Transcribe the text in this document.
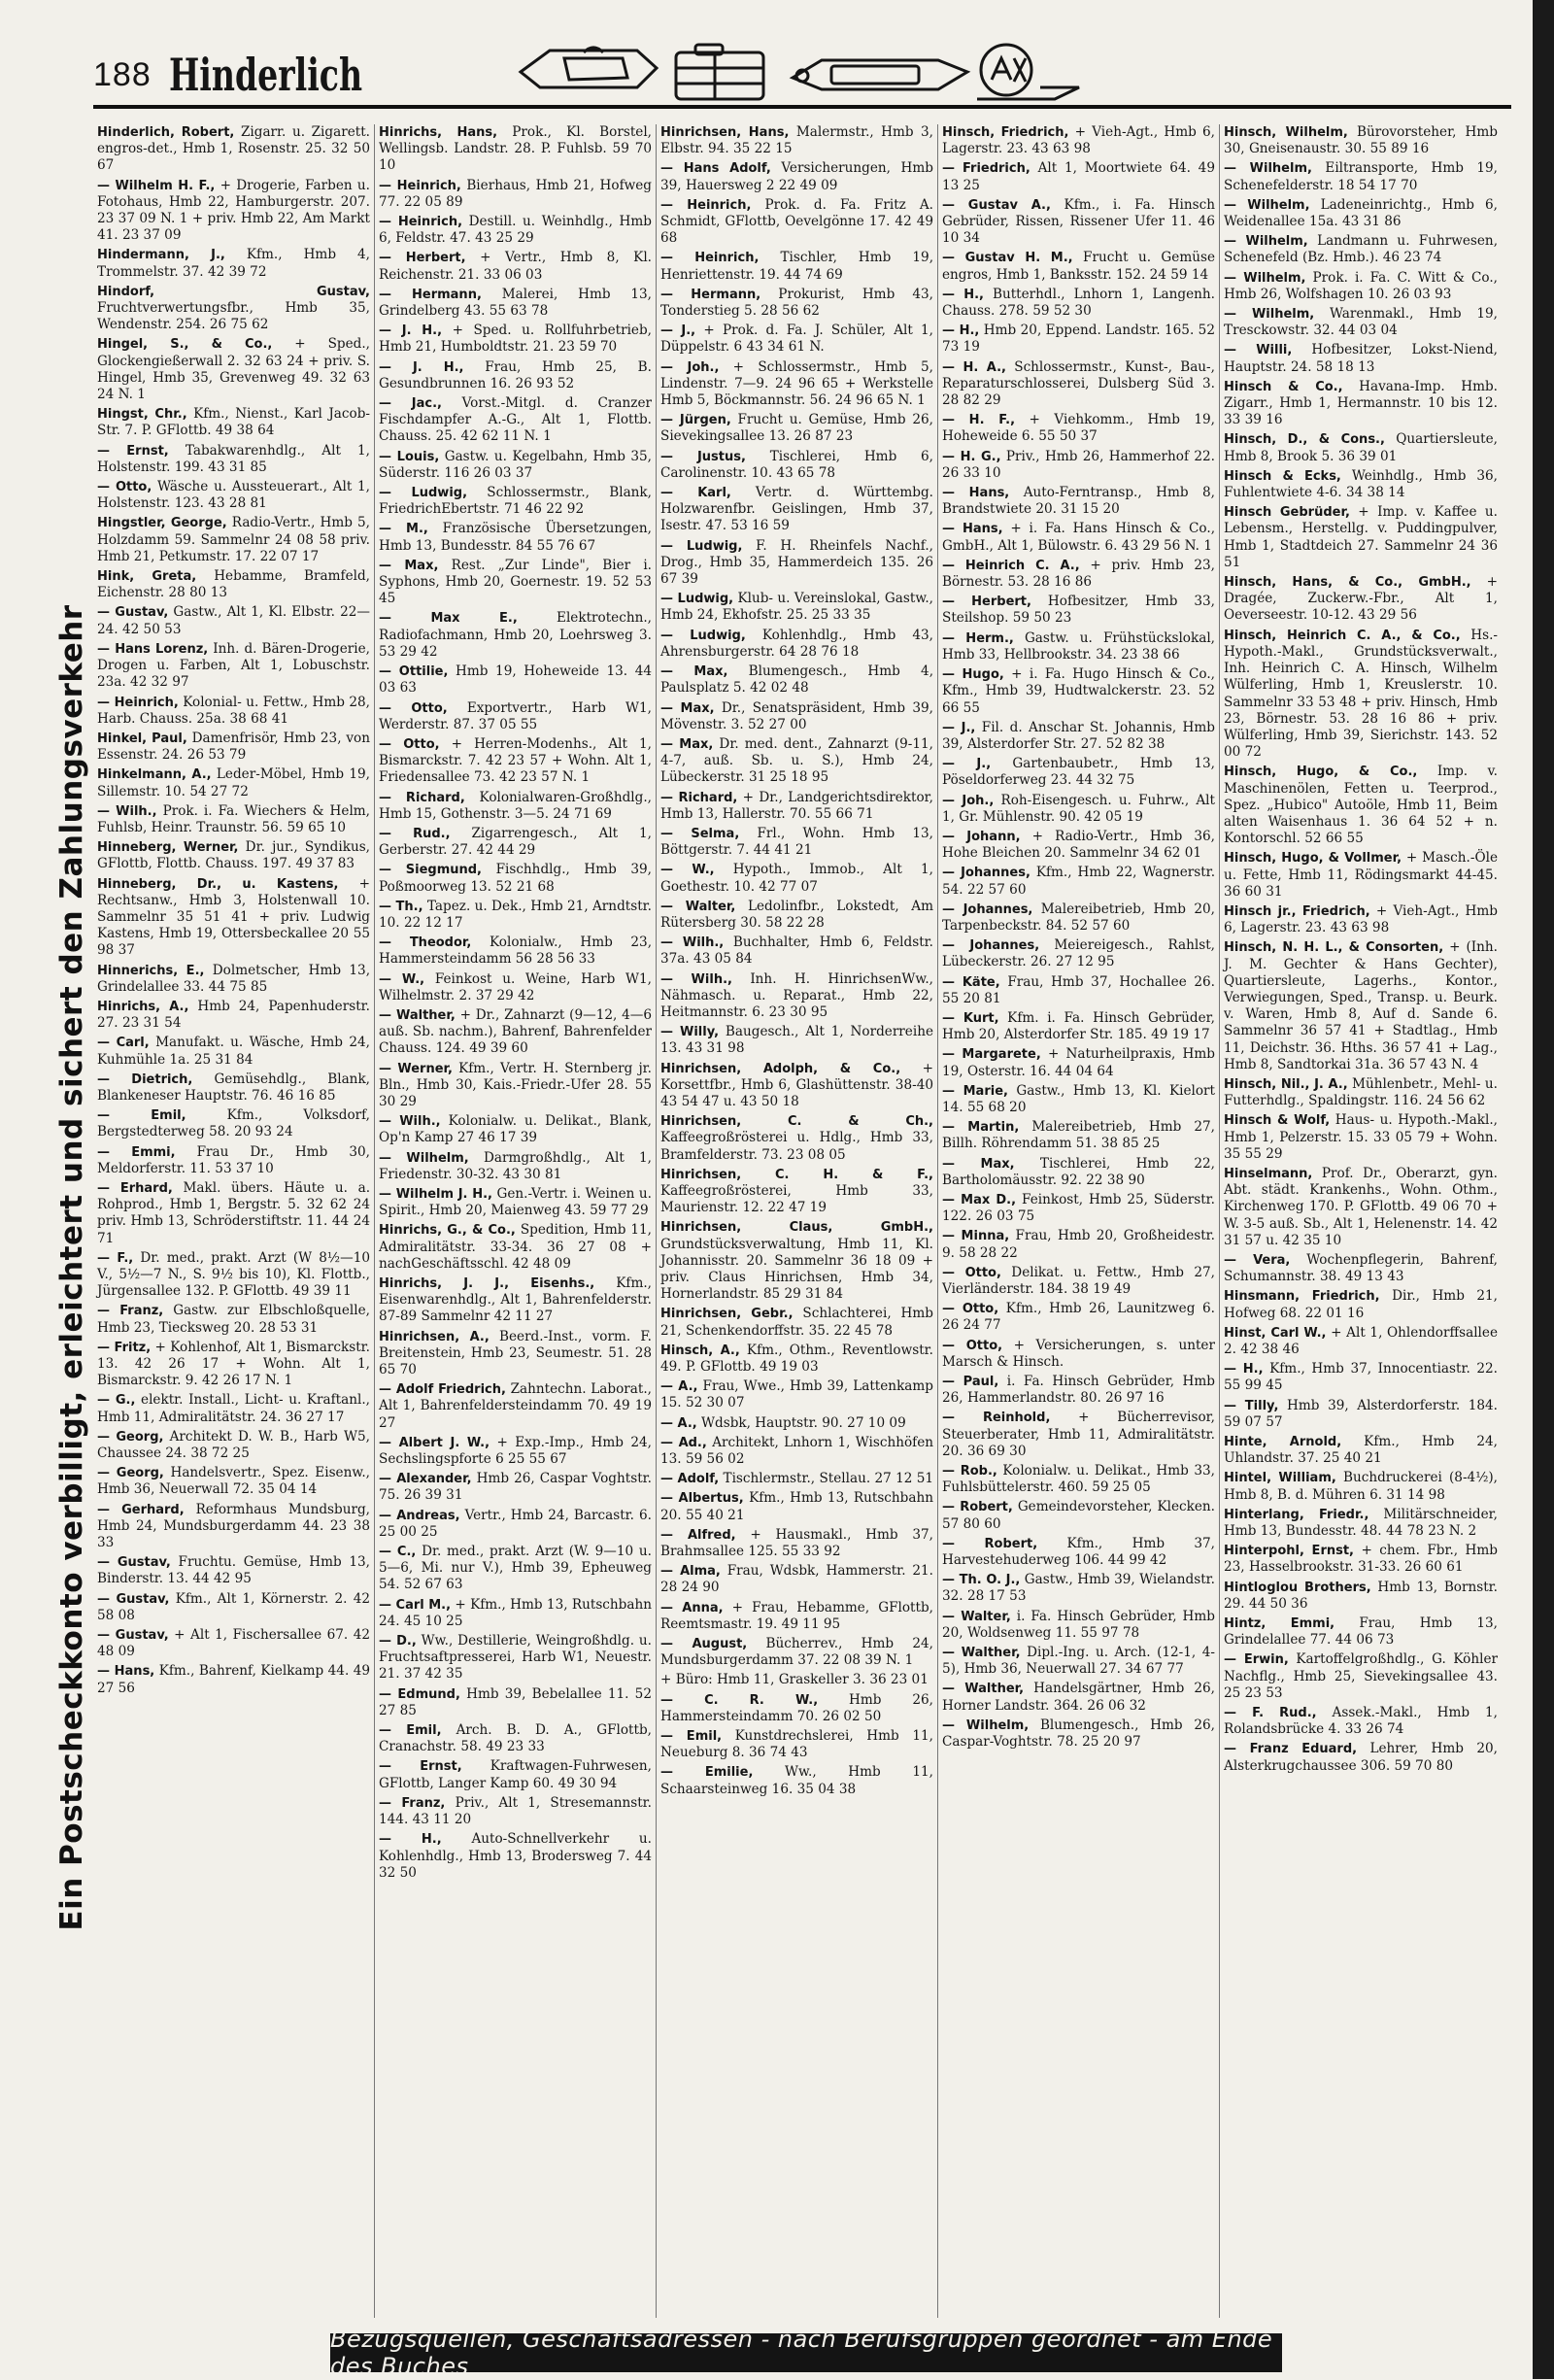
188 Hinderlich
Ein Postscheckkonto verbilligt, erleichtert und sichert den Zahlungsverkehr
Hinderlich, Robert, Zigarr. u. Zigarett. engros-det., Hmb 1, Rosenstr. 25. 32 50 67
— Wilhelm H. F., + Drogerie, Farben u. Fotohaus, Hmb 22, Hamburgerstr. 207. 23 37 09 N. 1 + priv. Hmb 22, Am Markt 41. 23 37 09
Hindermann, J., Kfm., Hmb 4, Trommelstr. 37. 42 39 72
Hindorf, Gustav, Fruchtverwertungsfbr., Hmb 35, Wendenstr. 254. 26 75 62
Hingel, S., & Co., + Sped., Glockengießerwall 2. 32 63 24 + priv. S. Hingel, Hmb 35, Grevenweg 49. 32 63 24 N. 1
Hingst, Chr., Kfm., Nienst., Karl Jacob-Str. 7. P. GFlottb. 49 38 64
— Ernst, Tabakwarenhdlg., Alt 1, Holstenstr. 199. 43 31 85
— Otto, Wäsche u. Aussteuerart., Alt 1, Holstenstr. 123. 43 28 81
Hingstler, George, Radio-Vertr., Hmb 5, Holzdamm 59. Sammelnr 24 08 58 priv. Hmb 21, Petkumstr. 17. 22 07 17
Hink, Greta, Hebamme, Bramfeld, Eichenstr. 28 80 13
— Gustav, Gastw., Alt 1, Kl. Elbstr. 22—24. 42 50 53
— Hans Lorenz, Inh. d. Bären-Drogerie, Drogen u. Farben, Alt 1, Lobuschstr. 23a. 42 32 97
— Heinrich, Kolonial- u. Fettw., Hmb 28, Harb. Chauss. 25a. 38 68 41
Hinkel, Paul, Damenfrisör, Hmb 23, von Essenstr. 24. 26 53 79
Hinkelmann, A., Leder-Möbel, Hmb 19, Sillemstr. 10. 54 27 72
— Wilh., Prok. i. Fa. Wiechers & Helm, Fuhlsb, Heinr. Traunstr. 56. 59 65 10
Hinneberg, Werner, Dr. jur., Syndikus, GFlottb, Flottb. Chauss. 197. 49 37 83
Hinneberg, Dr., u. Kastens, + Rechtsanw., Hmb 3, Holstenwall 10. Sammelnr 35 51 41 + priv. Ludwig Kastens, Hmb 19, Ottersbeckallee 20 55 98 37
Hinnerichs, E., Dolmetscher, Hmb 13, Grindelallee 33. 44 75 85
Hinrichs, A., Hmb 24, Papenhuderstr. 27. 23 31 54
— Carl, Manufakt. u. Wäsche, Hmb 24, Kuhmühle 1a. 25 31 84
— Dietrich, Gemüsehdlg., Blank, Blankeneser Hauptstr. 76. 46 16 85
— Emil,	Kfm., Volksdorf, Bergstedterweg 58. 20 93 24
— Emmi, Frau Dr., Hmb 30, Meldorferstr. 11. 53 37 10
— Erhard, Makl. übers. Häute u. a. Rohprod., Hmb 1, Bergstr. 5. 32 62 24 priv. Hmb 13, Schröderstiftstr. 11. 44 24 71
— F., Dr. med., prakt. Arzt (W 8½—10 V., 5½—7 N., S. 9½ bis 10), Kl. Flottb., Jürgensallee 132. P. GFlottb. 49 39 11
— Franz, Gastw. zur Elbschloßquelle, Hmb 23, Tiecksweg 20. 28 53 31
— Fritz, + Kohlenhof, Alt 1, Bismarckstr. 13. 42 26 17 + Wohn. Alt 1, Bismarckstr. 9. 42 26 17 N. 1
— G., elektr. Install., Licht- u. Kraftanl., Hmb 11, Admiralitätstr. 24. 36 27 17
— Georg, Architekt D. W. B., Harb W5, Chaussee 24. 38 72 25
— Georg, Handelsvertr., Spez. Eisenw., Hmb 36, Neuerwall 72. 35 04 14
— Gerhard, Reformhaus Mundsburg, Hmb 24, Mundsburgerdamm 44. 23 38 33
— Gustav, Fruchtu. Gemüse, Hmb 13, Binderstr. 13. 44 42 95
— Gustav, Kfm., Alt 1, Körnerstr. 2. 42 58 08
— Gustav, + Alt 1, Fischersallee 67. 42 48 09
— Hans, Kfm., Bahrenf, Kielkamp 44. 49 27 56
Hinrichs, Hans, Prok., Kl. Borstel, Wellingsb. Landstr. 28. P. Fuhlsb. 59 70 10
— Heinrich, Bierhaus, Hmb 21, Hofweg 77. 22 05 89
— Heinrich, Destill. u. Weinhdlg., Hmb 6, Feldstr. 47. 43 25 29
— Herbert, + Vertr., Hmb 8, Kl. Reichenstr. 21. 33 06 03
— Hermann, Malerei, Hmb 13, Grindelberg 43. 55 63 78
— J. H., + Sped. u. Rollfuhrbetrieb, Hmb 21, Humboldtstr. 21. 23 59 70
— J. H., Frau, Hmb 25, B. Gesundbrunnen 16. 26 93 52
— Jac., Vorst.-Mitgl. d. Cranzer Fischdampfer A.-G., Alt 1, Flottb. Chauss. 25. 42 62 11 N. 1
— Louis, Gastw. u. Kegelbahn, Hmb 35, Süderstr. 116 26 03 37
— Ludwig, Schlossermstr., Blank, FriedrichEbertstr. 71 46 22 92
— M., Französische Übersetzungen, Hmb 13, Bundesstr. 84 55 76 67
— Max, Rest. „Zur Linde", Bier i. Syphons, Hmb 20, Goernestr. 19. 52 53 45
— Max E.,	Elektrotechn., Radiofachmann, Hmb 20, Loehrsweg 3. 53 29 42
— Ottilie, Hmb 19, Hoheweide 13. 44 03 63
— Otto, Exportvertr., Harb W1, Werderstr. 87. 37 05 55
— Otto, + Herren-Modenhs., Alt 1, Bismarckstr. 7. 42 23 57 + Wohn. Alt 1, Friedensallee 73. 42 23 57 N. 1
— Richard, Kolonialwaren-Großhdlg., Hmb 15, Gothenstr. 3—5. 24 71 69
— Rud., Zigarrengesch., Alt 1, Gerberstr. 27. 42 44 29
— Siegmund, Fischhdlg., Hmb 39, Poßmoorweg 13. 52 21 68
— Th., Tapez. u. Dek., Hmb 21, Arndtstr. 10. 22 12 17
— Theodor, Kolonialw., Hmb 23, Hammersteindamm 56 28 56 33
— W., Feinkost u. Weine, Harb W1, Wilhelmstr. 2. 37 29 42
— Walther, + Dr., Zahnarzt (9—12, 4—6 auß. Sb. nachm.), Bahrenf, Bahrenfelder Chauss. 124. 49 39 60
— Werner, Kfm., Vertr. H. Sternberg jr. Bln., Hmb 30, Kais.-Friedr.-Ufer 28. 55 30 29
— Wilh., Kolonialw. u. Delikat., Blank, Op'n Kamp 27 46 17 39
— Wilhelm, Darmgroßhdlg., Alt 1, Friedenstr. 30-32. 43 30 81
— Wilhelm J. H., Gen.-Vertr. i. Weinen u. Spirit., Hmb 20, Maienweg 43. 59 77 29
Hinrichs, G., & Co., Spedition, Hmb 11, Admiralitätstr. 33-34. 36 27 08 + nachGeschäftsschl. 42 48 09
Hinrichs, J. J., Eisenhs., Kfm., Eisenwarenhdlg., Alt 1, Bahrenfelderstr. 87-89 Sammelnr 42 11 27
Hinrichsen, A., Beerd.-Inst., vorm. F. Breitenstein, Hmb 23, Seumestr. 51. 28 65 70
— Adolf Friedrich, Zahntechn. Laborat., Alt 1, Bahrenfeldersteindamm 70. 49 19 27
— Albert J. W., + Exp.-Imp., Hmb 24, Sechslingspforte 6 25 55 67
— Alexander, Hmb 26, Caspar Voghtstr. 75. 26 39 31
— Andreas, Vertr., Hmb 24, Barcastr. 6. 25 00 25
— C., Dr. med., prakt. Arzt (W. 9—10 u. 5—6, Mi. nur V.), Hmb 39, Epheuweg 54. 52 67 63
— Carl M., + Kfm., Hmb 13, Rutschbahn 24. 45 10 25
— D., Ww., Destillerie, Weingroßhdlg. u. Fruchtsaftpresserei, Harb W1, Neuestr. 21. 37 42 35
— Edmund, Hmb 39, Bebelallee 11. 52 27 85
— Emil, Arch. B. D. A., GFlottb, Cranachstr. 58. 49 23 33
— Ernst, Kraftwagen-Fuhrwesen, GFlottb, Langer Kamp 60. 49 30 94
— Franz, Priv., Alt 1, Stresemannstr. 144. 43 11 20
— H., Auto-Schnellverkehr u. Kohlenhdlg., Hmb 13, Brodersweg 7. 44 32 50
Hinrichsen, Hans, Malermstr., Hmb 3, Elbstr. 94. 35 22 15
— Hans Adolf, Versicherungen, Hmb 39, Hauersweg 2 22 49 09
— Heinrich, Prok. d. Fa. Fritz A. Schmidt, GFlottb, Oevelgönne 17. 42 49 68
— Heinrich, Tischler, Hmb 19, Henriettenstr. 19. 44 74 69
— Hermann, Prokurist, Hmb 43, Tonderstieg 5. 28 56 62
— J., + Prok. d. Fa. J. Schüler, Alt 1, Düppelstr. 6 43 34 61 N.
— Joh., + Schlossermstr., Hmb 5, Lindenstr. 7—9. 24 96 65 + Werkstelle Hmb 5, Böckmannstr. 56. 24 96 65 N. 1
— Jürgen, Frucht u. Gemüse, Hmb 26, Sievekingsallee 13. 26 87 23
— Justus, Tischlerei, Hmb 6, Carolinenstr. 10. 43 65 78
— Karl, Vertr. d. Württembg. Holzwarenfbr. Geislingen, Hmb 37, Isestr. 47. 53 16 59
— Ludwig, F. H. Rheinfels Nachf., Drog., Hmb 35, Hammerdeich 135. 26 67 39
— Ludwig, Klub- u. Vereinslokal, Gastw., Hmb 24, Ekhofstr. 25. 25 33 35
— Ludwig, Kohlenhdlg., Hmb 43, Ahrensburgerstr. 64 28 76 18
— Max, Blumengesch., Hmb 4, Paulsplatz 5. 42 02 48
— Max, Dr., Senatspräsident, Hmb 39, Mövenstr. 3. 52 27 00
— Max, Dr. med. dent., Zahnarzt (9-11, 4-7, auß. Sb. u. S.), Hmb 24, Lübeckerstr. 31 25 18 95
— Richard, + Dr., Landgerichtsdirektor, Hmb 13, Hallerstr. 70. 55 66 71
— Selma, Frl., Wohn. Hmb 13, Böttgerstr. 7. 44 41 21
— W., Hypoth., Immob., Alt 1, Goethestr. 10. 42 77 07
— Walter, Ledolinfbr., Lokstedt, Am Rütersberg 30. 58 22 28
— Wilh., Buchhalter, Hmb 6, Feldstr. 37a. 43 05 84
— Wilh., Inh. H. HinrichsenWw., Nähmasch. u. Reparat., Hmb 22, Heitmannstr. 6. 23 30 95
— Willy, Baugesch., Alt 1, Norderreihe 13. 43 31 98
Hinrichsen, Adolph, & Co., + Korsettfbr., Hmb 6, Glashüttenstr. 38-40 43 54 47 u. 43 50 18
Hinrichsen, C. & Ch., Kaffeegroßrösterei u. Hdlg., Hmb 33, Bramfelderstr. 73. 23 08 05
Hinrichsen, C. H. & F., Kaffeegroßrösterei, Hmb 33, Maurienstr. 12. 22 47 19
Hinrichsen, Claus, GmbH., Grundstücksverwaltung, Hmb 11, Kl. Johannisstr. 20. Sammelnr 36 18 09 + priv. Claus Hinrichsen, Hmb 34, Hornerlandstr. 85 29 31 84
Hinrichsen, Gebr., Schlachterei, Hmb 21, Schenkendorffstr. 35. 22 45 78
Hinsch, A., Kfm., Othm., Reventlowstr. 49. P. GFlottb. 49 19 03
— A., Frau, Wwe., Hmb 39, Lattenkamp 15. 52 30 07
— A., Wdsbk, Hauptstr. 90. 27 10 09
— Ad., Architekt, Lnhorn 1, Wischhöfen 13. 59 56 02
— Adolf, Tischlermstr., Stellau. 27 12 51
— Albertus, Kfm., Hmb 13, Rutschbahn 20. 55 40 21
— Alfred, + Hausmakl., Hmb 37, Brahmsallee 125. 55 33 92
— Alma, Frau, Wdsbk, Hammerstr. 21. 28 24 90
— Anna, + Frau, Hebamme, GFlottb, Reemtsmastr. 19. 49 11 95
— August, Bücherrev., Hmb 24, Mundsburgerdamm 37. 22 08 39 N. 1
+ Büro: Hmb 11, Graskeller 3. 36 23 01
— C. R. W., Hmb 26, Hammersteindamm 70. 26 02 50
— Emil, Kunstdrechslerei, Hmb 11, Neueburg 8. 36 74 43
— Emilie, Ww., Hmb 11, Schaarsteinweg 16. 35 04 38
Hinsch, Friedrich, + Vieh-Agt., Hmb 6, Lagerstr. 23. 43 63 98
— Friedrich, Alt 1, Moortwiete 64. 49 13 25
— Gustav A., Kfm., i. Fa. Hinsch Gebrüder, Rissen, Rissener Ufer 11. 46 10 34
— Gustav H. M., Frucht u. Gemüse engros, Hmb 1, Banksstr. 152. 24 59 14
— H., Butterhdl., Lnhorn 1, Langenh. Chauss. 278. 59 52 30
— H., Hmb 20, Eppend. Landstr. 165. 52 73 19
— H. A., Schlossermstr., Kunst-, Bau-, Reparaturschlosserei, Dulsberg Süd 3. 28 82 29
— H. F., + Viehkomm., Hmb 19, Hoheweide 6. 55 50 37
— H. G., Priv., Hmb 26, Hammerhof 22. 26 33 10
— Hans, Auto-Ferntransp., Hmb 8, Brandstwiete 20. 31 15 20
— Hans, + i. Fa. Hans Hinsch & Co., GmbH., Alt 1, Bülowstr. 6. 43 29 56 N. 1
— Heinrich C. A., + priv. Hmb 23, Börnestr. 53. 28 16 86
— Herbert, Hofbesitzer, Hmb 33, Steilshop. 59 50 23
— Herm., Gastw. u. Frühstückslokal, Hmb 33, Hellbrookstr. 34. 23 38 66
— Hugo, + i. Fa. Hugo Hinsch & Co., Kfm., Hmb 39, Hudtwalckerstr. 23. 52 66 55
— J., Fil. d. Anschar St. Johannis, Hmb 39, Alsterdorfer Str. 27. 52 82 38
— J., Gartenbaubetr., Hmb 13, Pöseldorferweg 23. 44 32 75
— Joh., Roh-Eisengesch. u. Fuhrw., Alt 1, Gr. Mühlenstr. 90. 42 05 19
— Johann, + Radio-Vertr., Hmb 36, Hohe Bleichen 20. Sammelnr 34 62 01
— Johannes, Kfm., Hmb 22, Wagnerstr. 54. 22 57 60
— Johannes, Malereibetrieb, Hmb 20, Tarpenbeckstr. 84. 52 57 60
— Johannes, Meiereigesch., Rahlst, Lübeckerstr. 26. 27 12 95
— Käte, Frau, Hmb 37, Hochallee 26. 55 20 81
— Kurt, Kfm. i. Fa. Hinsch Gebrüder, Hmb 20, Alsterdorfer Str. 185. 49 19 17
— Margarete, + Naturheilpraxis, Hmb 19, Osterstr. 16. 44 04 64
— Marie, Gastw., Hmb 13, Kl. Kielort 14. 55 68 20
— Martin, Malereibetrieb, Hmb 27, Billh. Röhrendamm 51. 38 85 25
— Max, Tischlerei, Hmb 22, Bartholomäusstr. 92. 22 38 90
— Max D., Feinkost, Hmb 25, Süderstr. 122. 26 03 75
— Minna, Frau, Hmb 20, Großheidestr. 9. 58 28 22
— Otto, Delikat. u. Fettw., Hmb 27, Vierländerstr. 184. 38 19 49
— Otto, Kfm., Hmb 26, Launitzweg 6. 26 24 77
— Otto, + Versicherungen, s. unter Marsch & Hinsch.
— Paul, i. Fa. Hinsch Gebrüder, Hmb 26, Hammerlandstr. 80. 26 97 16
— Reinhold, + Bücherrevisor, Steuerberater, Hmb 11, Admiralitätstr. 20. 36 69 30
— Rob., Kolonialw. u. Delikat., Hmb 33, Fuhlsbüttelerstr. 460. 59 25 05
— Robert, Gemeindevorsteher, Klecken. 57 80 60
— Robert, Kfm., Hmb 37, Harvestehuderweg 106. 44 99 42
— Th. O. J., Gastw., Hmb 39, Wielandstr. 32. 28 17 53
— Walter, i. Fa. Hinsch Gebrüder, Hmb 20, Woldsenweg 11. 55 97 78
— Walther, Dipl.-Ing. u. Arch. (12-1, 4-5), Hmb 36, Neuerwall 27. 34 67 77
— Walther, Handelsgärtner, Hmb 26, Horner Landstr. 364. 26 06 32
— Wilhelm, Blumengesch., Hmb 26, Caspar-Voghtstr. 78. 25 20 97
Hinsch, Wilhelm, Bürovorsteher, Hmb 30, Gneisenaustr. 30. 55 89 16
— Wilhelm, Eiltransporte, Hmb 19, Schenefelderstr. 18 54 17 70
— Wilhelm, Ladeneinrichtg., Hmb 6, Weidenallee 15a. 43 31 86
— Wilhelm, Landmann u. Fuhrwesen, Schenefeld (Bz. Hmb.). 46 23 74
— Wilhelm, Prok. i. Fa. C. Witt & Co., Hmb 26, Wolfshagen 10. 26 03 93
— Wilhelm, Warenmakl., Hmb 19, Tresckowstr. 32. 44 03 04
— Willi, Hofbesitzer, Lokst-Niend, Hauptstr. 24. 58 18 13
Hinsch & Co., Havana-Imp. Hmb. Zigarr., Hmb 1, Hermannstr. 10 bis 12. 33 39 16
Hinsch, D., & Cons., Quartiersleute, Hmb 8, Brook 5. 36 39 01
Hinsch & Ecks, Weinhdlg., Hmb 36, Fuhlentwiete 4-6. 34 38 14
Hinsch Gebrüder, + Imp. v. Kaffee u. Lebensm., Herstellg. v. Puddingpulver, Hmb 1, Stadtdeich 27. Sammelnr 24 36 51
Hinsch, Hans, & Co., GmbH., + Dragée, Zuckerw.-Fbr., Alt 1, Oeverseestr. 10-12. 43 29 56
Hinsch, Heinrich C. A., & Co., Hs.-Hypoth.-Makl., Grundstücksverwalt., Inh. Heinrich C. A. Hinsch, Wilhelm Wülferling, Hmb 1, Kreuslerstr. 10. Sammelnr 33 53 48 + priv. Hinsch, Hmb 23, Börnestr. 53. 28 16 86 + priv. Wülferling, Hmb 39, Sierichstr. 143. 52 00 72
Hinsch, Hugo, & Co., Imp. v. Maschinenölen, Fetten u. Teerprod., Spez. „Hubico" Autoöle, Hmb 11, Beim alten Waisenhaus 1. 36 64 52 + n. Kontorschl. 52 66 55
Hinsch, Hugo, & Vollmer, + Masch.-Öle u. Fette, Hmb 11, Rödingsmarkt 44-45. 36 60 31
Hinsch jr., Friedrich, + Vieh-Agt., Hmb 6, Lagerstr. 23. 43 63 98
Hinsch, N. H. L., & Consorten, + (Inh. J. M. Gechter & Hans Gechter), Quartiersleute, Lagerhs., Kontor., Verwiegungen, Sped., Transp. u. Beurk. v. Waren, Hmb 8, Auf d. Sande 6. Sammelnr 36 57 41 + Stadtlag., Hmb 11, Deichstr. 36. Hths. 36 57 41 + Lag., Hmb 8, Sandtorkai 31a. 36 57 43 N. 4
Hinsch, Nil., J. A., Mühlenbetr., Mehl- u. Futterhdlg., Spaldingstr. 116. 24 56 62
Hinsch & Wolf, Haus- u. Hypoth.-Makl., Hmb 1, Pelzerstr. 15. 33 05 79 + Wohn. 35 55 29
Hinselmann, Prof. Dr., Oberarzt, gyn. Abt. städt. Krankenhs., Wohn. Othm., Kirchenweg 170. P. GFlottb. 49 06 70 + W. 3-5 auß. Sb., Alt 1, Helenenstr. 14. 42 31 57 u. 42 35 10
— Vera, Wochenpflegerin, Bahrenf, Schumannstr. 38. 49 13 43
Hinsmann, Friedrich, Dir., Hmb 21, Hofweg 68. 22 01 16
Hinst, Carl W., + Alt 1, Ohlendorffsallee 2. 42 38 46
— H., Kfm., Hmb 37, Innocentiastr. 22. 55 99 45
— Tilly, Hmb 39, Alsterdorferstr. 184. 59 07 57
Hinte, Arnold, Kfm., Hmb 24, Uhlandstr. 37. 25 40 21
Hintel, William, Buchdruckerei (8-4½), Hmb 8, B. d. Mühren 6. 31 14 98
Hinterlang, Friedr., Militärschneider, Hmb 13, Bundesstr. 48. 44 78 23 N. 2
Hinterpohl, Ernst, + chem. Fbr., Hmb 23, Hasselbrookstr. 31-33. 26 60 61
Hintloglou Brothers, Hmb 13, Bornstr. 29. 44 50 36
Hintz, Emmi, Frau, Hmb 13, Grindelallee 77. 44 06 73
— Erwin, Kartoffelgroßhdlg., G. Köhler Nachflg., Hmb 25, Sievekingsallee 43. 25 23 53
— F. Rud., Assek.-Makl., Hmb 1, Rolandsbrücke 4. 33 26 74
— Franz Eduard, Lehrer, Hmb 20, Alsterkrugchaussee 306. 59 70 80
Bezugsquellen, Geschäftsadressen - nach Berufsgruppen geordnet - am Ende des Buches
